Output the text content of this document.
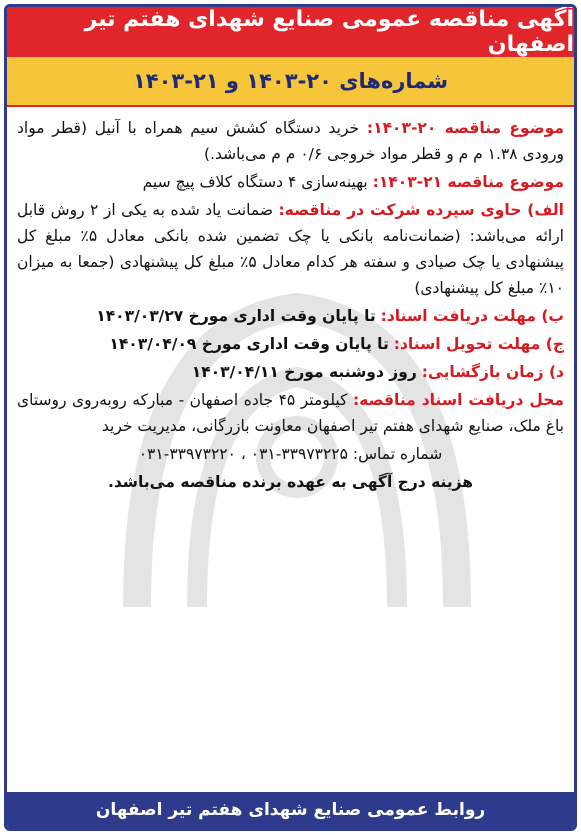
آگهی مناقصه عمومی صنایع شهدای هفتم تیر اصفهان
شماره‌های ۲۰-۱۴۰۳ و ۲۱-۱۴۰۳
موضوع مناقصه ۲۰-۱۴۰۳: خرید دستگاه کشش سیم همراه با آنیل (قطر مواد ورودی ۱.۳۸ م م و قطر مواد خروجی ۰/۶ م م می‌باشد.)
موضوع مناقصه ۲۱-۱۴۰۳: بهینه‌سازی ۴ دستگاه کلاف پیچ سیم
الف) حاوی سپرده شرکت در مناقصه: ضمانت یاد شده به یکی از ۲ روش قابل ارائه می‌باشد: (ضمانت‌نامه بانکی یا چک تضمین شده بانکی معادل ۵٪ مبلغ کل پیشنهادی یا چک صیادی و سفته هر کدام معادل ۵٪ مبلغ کل پیشنهادی (جمعا به میزان ۱۰٪ مبلغ کل پیشنهادی)
ب) مهلت دریافت اسناد: تا پایان وقت اداری مورخ ۱۴۰۳/۰۳/۲۷
ج) مهلت تحویل اسناد: تا پایان وقت اداری مورخ ۱۴۰۳/۰۴/۰۹
د) زمان بازگشایی: روز دوشنبه مورخ ۱۴۰۳/۰۴/۱۱
محل دریافت اسناد مناقصه: کیلومتر ۴۵ جاده اصفهان - مبارکه روبه‌روی روستای باغ ملک، صنایع شهدای هفتم تیر اصفهان معاونت بازرگانی، مدیریت خرید
شماره تماس: ۳۳۹۷۳۲۲۵-۰۳۱ ، ۳۳۹۷۳۲۲۰-۰۳۱
هزینه درج آگهی به عهده برنده مناقصه می‌باشد.
روابط عمومی صنایع شهدای هفتم تیر اصفهان
